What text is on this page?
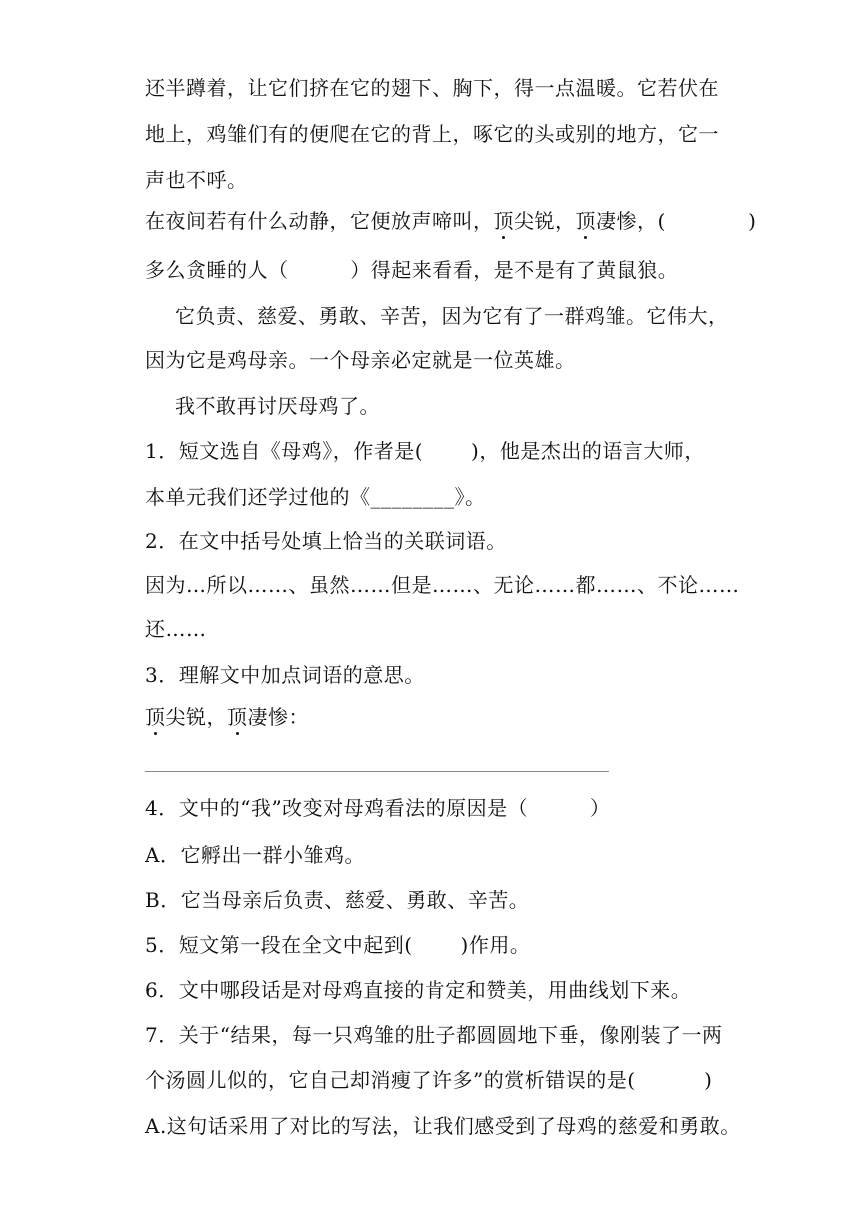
还半蹲着，让它们挤在它的翅下、胸下，得一点温暖。它若伏在
地上，鸡雏们有的便爬在它的背上，啄它的头或别的地方，它一
声也不呼。
在夜间若有什么动静，它便放声啼叫，顶尖锐，顶凄惨，(            )
多么贪睡的人（         ）得起来看看，是不是有了黄鼠狼。
它负责、慈爱、勇敢、辛苦，因为它有了一群鸡雏。它伟大，
因为它是鸡母亲。一个母亲必定就是一位英雄。
我不敢再讨厌母鸡了。
1．短文选自《母鸡》，作者是(       )，他是杰出的语言大师，
本单元我们还学过他的《________》。
2．在文中括号处填上恰当的关联词语。
因为…所以……、虽然……但是……、无论……都……、不论……
还……
3．理解文中加点词语的意思。
顶尖锐，顶凄惨：
4．文中的“我”改变对母鸡看法的原因是（         ）
A．它孵出一群小雏鸡。
B．它当母亲后负责、慈爱、勇敢、辛苦。
5．短文第一段在全文中起到(       )作用。
6．文中哪段话是对母鸡直接的肯定和赞美，用曲线划下来。
7．关于“结果，每一只鸡雏的肚子都圆圆地下垂，像刚装了一两
个汤圆儿似的，它自己却消瘦了许多”的赏析错误的是(          )
A.这句话采用了对比的写法，让我们感受到了母鸡的慈爱和勇敢。
